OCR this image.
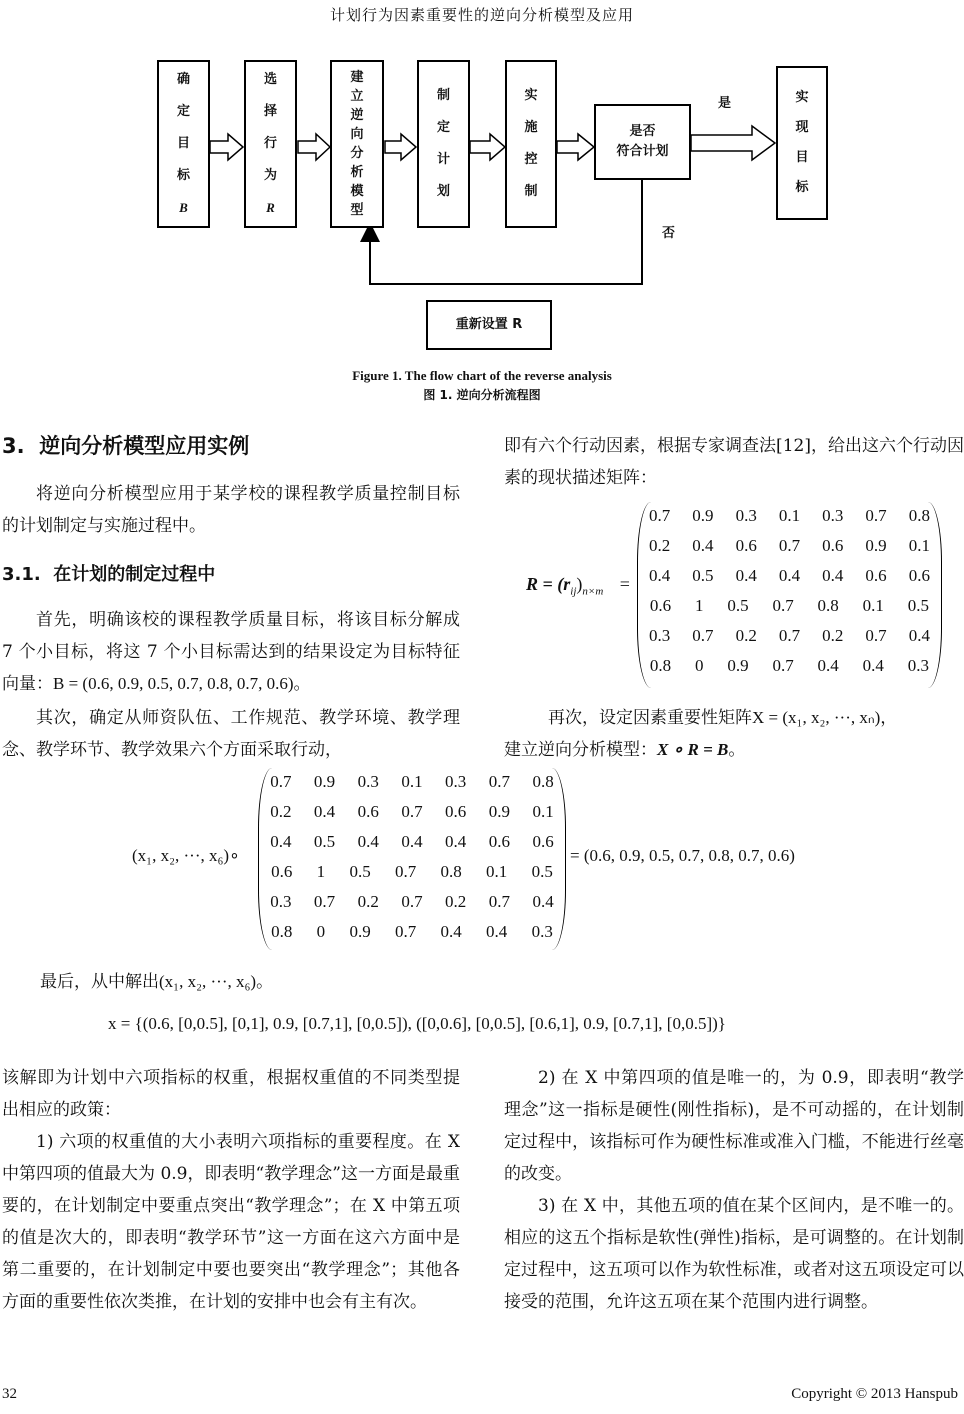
计划行为因素重要性的逆向分析模型及应用
确
定
目
标
B
选
择
行
为
R
建
立
逆
向
分
析
模
型
制
定
计
划
实
施
控
制
是否
符合计划
是
否
实
现
目
标
重新设置 R
Figure 1. The flow chart of the reverse analysis
图 1. 逆向分析流程图
3. 逆向分析模型应用实例
将逆向分析模型应用于某学校的课程教学质量控制目标的计划制定与实施过程中。
3.1. 在计划的制定过程中
首先，明确该校的课程教学质量目标，将该目标分解成 7 个小目标，将这 7 个小目标需达到的结果设定为目标特征向量：B = (0.6, 0.9, 0.5, 0.7, 0.8, 0.7, 0.6)。
其次，确定从师资队伍、工作规范、教学环境、教学理念、教学环节、教学效果六个方面采取行动，
即有六个行动因素，根据专家调查法[12]，给出这六个行动因素的现状描述矩阵：
$R = (r_{ij})_{n\times m}$ =
0.7 0.9 0.3 0.1 0.3 0.7 0.8
0.2 0.4 0.6 0.7 0.6 0.9 0.1
0.4 0.5 0.4 0.4 0.4 0.6 0.6
0.6 1 0.5 0.7 0.8 0.1 0.5
0.3 0.7 0.2 0.7 0.2 0.7 0.4
0.8 0 0.9 0.7 0.4 0.4 0.3
再次，设定因素重要性矩阵X = (x₁, x₂, ···, xₙ)，
建立逆向分析模型：X ∘ R = B。
(x₁, x₂, ···, x₆)∘
0.7 0.9 0.3 0.1 0.3 0.7 0.8
0.2 0.4 0.6 0.7 0.6 0.9 0.1
0.4 0.5 0.4 0.4 0.4 0.6 0.6
0.6 1 0.5 0.7 0.8 0.1 0.5
0.3 0.7 0.2 0.7 0.2 0.7 0.4
0.8 0 0.9 0.7 0.4 0.4 0.3
= (0.6, 0.9, 0.5, 0.7, 0.8, 0.7, 0.6)
最后，从中解出(x₁, x₂, ···, x₆)。
x = {(0.6, [0,0.5], [0,1], 0.9, [0.7,1], [0,0.5]), ([0,0.6], [0,0.5], [0.6,1], 0.9, [0.7,1], [0,0.5])}
该解即为计划中六项指标的权重，根据权重值的不同类型提出相应的政策：
1) 六项的权重值的大小表明六项指标的重要程度。在 X 中第四项的值最大为 0.9，即表明“教学理念”这一方面是最重要的，在计划制定中要重点突出“教学理念”；在 X 中第五项的值是次大的，即表明“教学环节”这一方面在这六方面中是第二重要的，在计划制定中要也要突出“教学理念”；其他各方面的重要性依次类推，在计划的安排中也会有主有次。
2) 在 X 中第四项的值是唯一的，为 0.9，即表明“教学理念”这一指标是硬性(刚性指标)，是不可动摇的，在计划制定过程中，该指标可作为硬性标准或准入门槛，不能进行丝毫的改变。
3) 在 X 中，其他五项的值在某个区间内，是不唯一的。相应的这五个指标是软性(弹性)指标，是可调整的。在计划制定过程中，这五项可以作为软性标准，或者对这五项设定可以接受的范围，允许这五项在某个范围内进行调整。
32	Copyright © 2013 Hanspub
